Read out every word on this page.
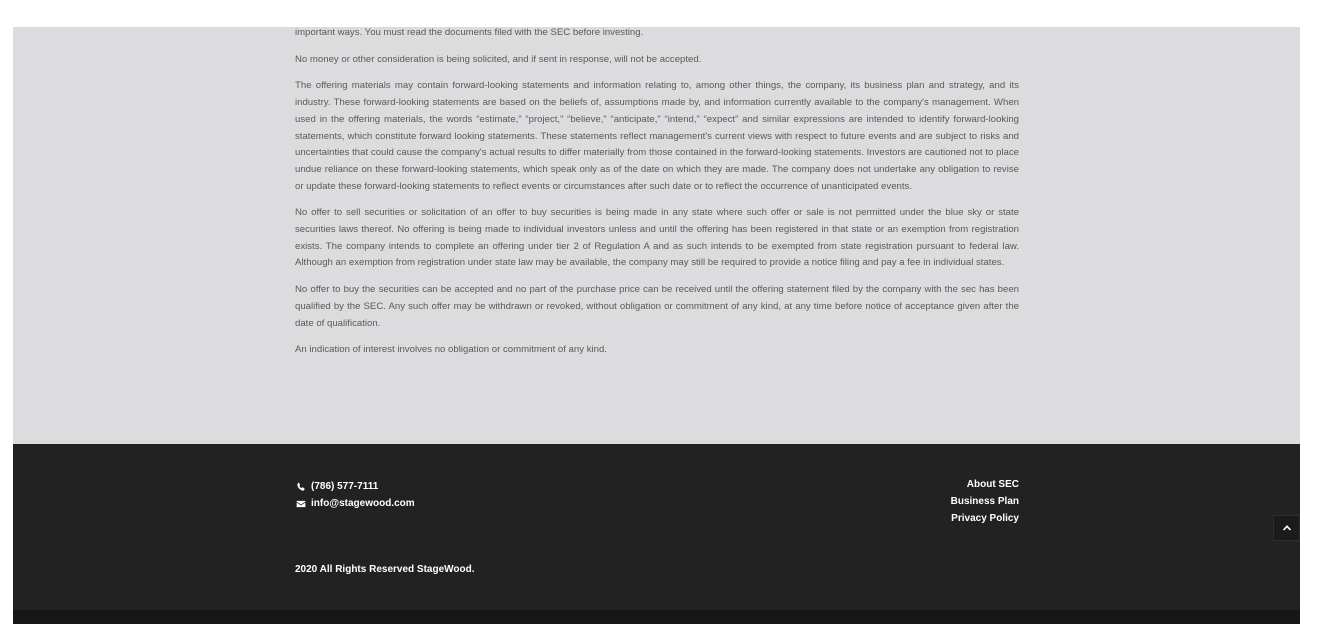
important ways. You must read the documents filed with the SEC before investing.

No money or other consideration is being solicited, and if sent in response, will not be accepted.

The offering materials may contain forward-looking statements and information relating to, among other things, the company, its business plan and strategy, and its industry. These forward-looking statements are based on the beliefs of, assumptions made by, and information currently available to the company's management. When used in the offering materials, the words “estimate,” “project,” “believe,” “anticipate,” “intend,” “expect” and similar expressions are intended to identify forward-looking statements, which constitute forward looking statements. These statements reflect management's current views with respect to future events and are subject to risks and uncertainties that could cause the company's actual results to differ materially from those contained in the forward-looking statements. Investors are cautioned not to place undue reliance on these forward-looking statements, which speak only as of the date on which they are made. The company does not undertake any obligation to revise or update these forward-looking statements to reflect events or circumstances after such date or to reflect the occurrence of unanticipated events.

No offer to sell securities or solicitation of an offer to buy securities is being made in any state where such offer or sale is not permitted under the blue sky or state securities laws thereof. No offering is being made to individual investors unless and until the offering has been registered in that state or an exemption from registration exists. The company intends to complete an offering under tier 2 of Regulation A and as such intends to be exempted from state registration pursuant to federal law. Although an exemption from registration under state law may be available, the company may still be required to provide a notice filing and pay a fee in individual states.

No offer to buy the securities can be accepted and no part of the purchase price can be received until the offering statement filed by the company with the sec has been qualified by the SEC. Any such offer may be withdrawn or revoked, without obligation or commitment of any kind, at any time before notice of acceptance given after the date of qualification.

An indication of interest involves no obligation or commitment of any kind.

(786) 577-7111
info@stagewood.com
About SEC
Business Plan
Privacy Policy
2020 All Rights Reserved StageWood.
